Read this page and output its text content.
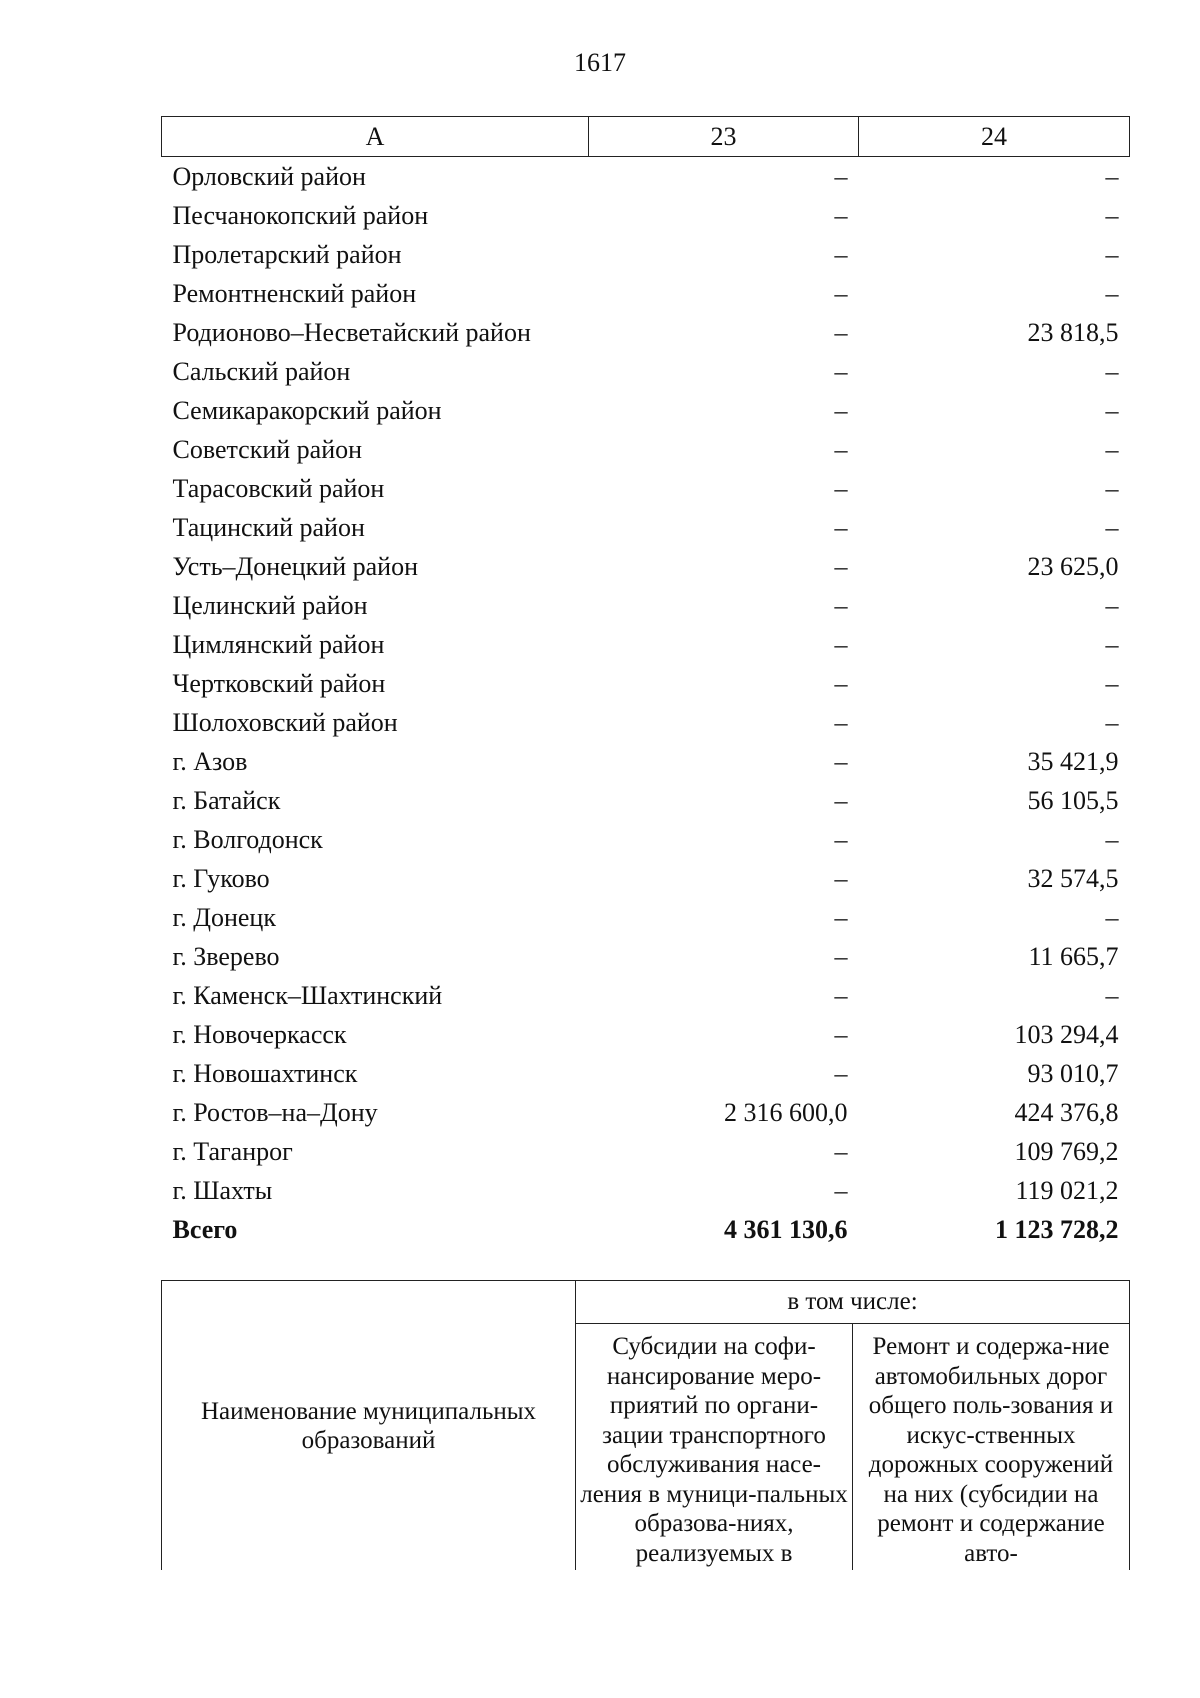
1617
А	23	24
Орловский район	–	–
Песчанокопский район	–	–
Пролетарский район	–	–
Ремонтненский район	–	–
Родионово–Несветайский район	–	23 818,5
Сальский район	–	–
Семикаракорский район	–	–
Советский район	–	–
Тарасовский район	–	–
Тацинский район	–	–
Усть–Донецкий район	–	23 625,0
Целинский район	–	–
Цимлянский район	–	–
Чертковский район	–	–
Шолоховский район	–	–
г. Азов	–	35 421,9
г. Батайск	–	56 105,5
г. Волгодонск	–	–
г. Гуково	–	32 574,5
г. Донецк	–	–
г. Зверево	–	11 665,7
г. Каменск–Шахтинский	–	–
г. Новочеркасск	–	103 294,4
г. Новошахтинск	–	93 010,7
г. Ростов–на–Дону	2 316 600,0	424 376,8
г. Таганрог	–	109 769,2
г. Шахты	–	119 021,2
Всего	4 361 130,6	1 123 728,2
Наименование муниципальных образований	в том числе:	
	Субсидии на софи-нансирование меро-приятий по органи-зации транспортного обслуживания насе-ления в муници-пальных образова-ниях, реализуемых в	Ремонт и содержа-ние автомобильных дорог общего поль-зования и искус-ственных дорожных сооружений на них (субсидии на ремонт и содержание авто-
